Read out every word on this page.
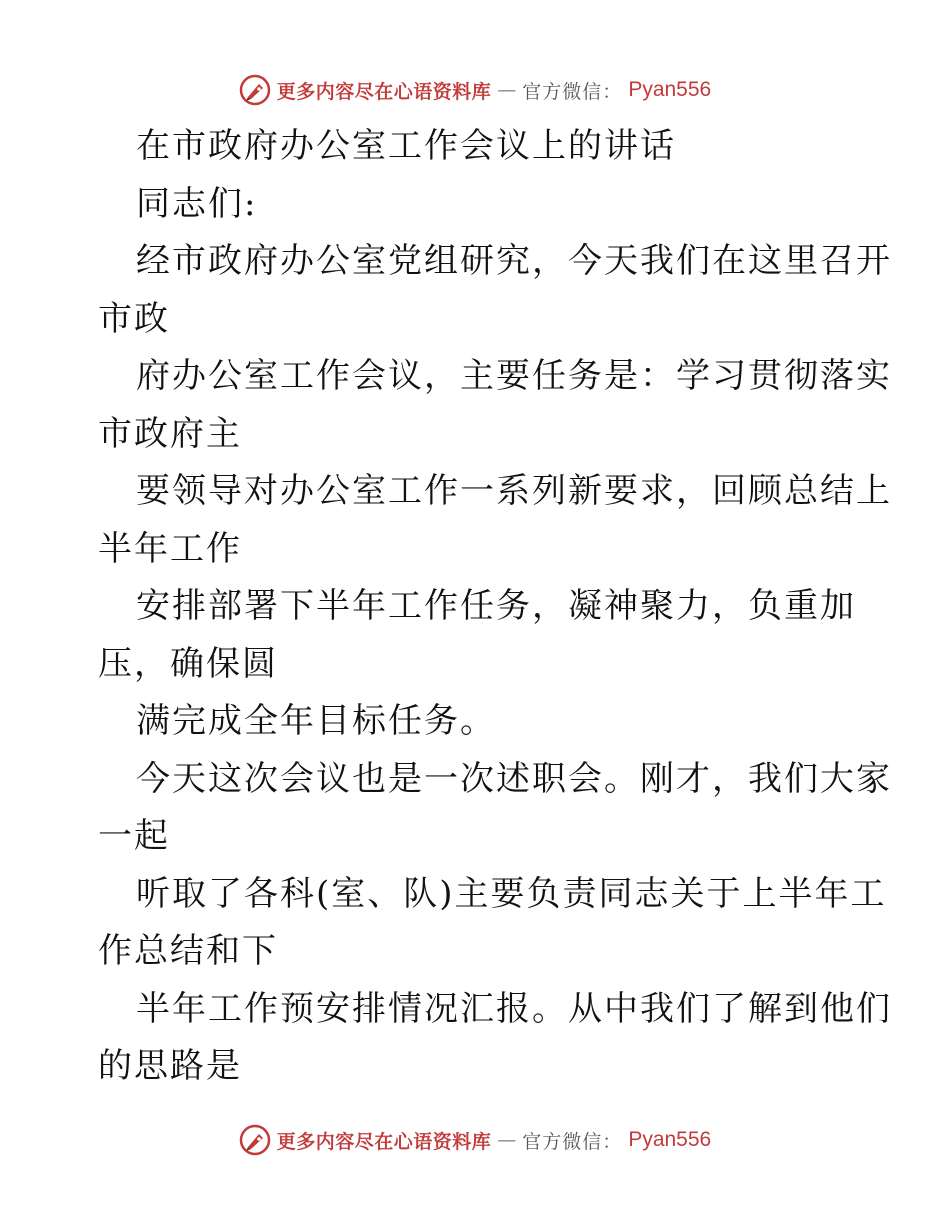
更多内容尽在心语资料库 — 官方微信： Pyan556
在市政府办公室工作会议上的讲话
同志们:
经市政府办公室党组研究，今天我们在这里召开
市政
府办公室工作会议，主要任务是：学习贯彻落实
市政府主
要领导对办公室工作一系列新要求，回顾总结上
半年工作
安排部署下半年工作任务，凝神聚力，负重加
压，确保圆
满完成全年目标任务。
今天这次会议也是一次述职会。刚才，我们大家
一起
听取了各科(室、队)主要负责同志关于上半年工
作总结和下
半年工作预安排情况汇报。从中我们了解到他们
的思路是
更多内容尽在心语资料库 — 官方微信： Pyan556
